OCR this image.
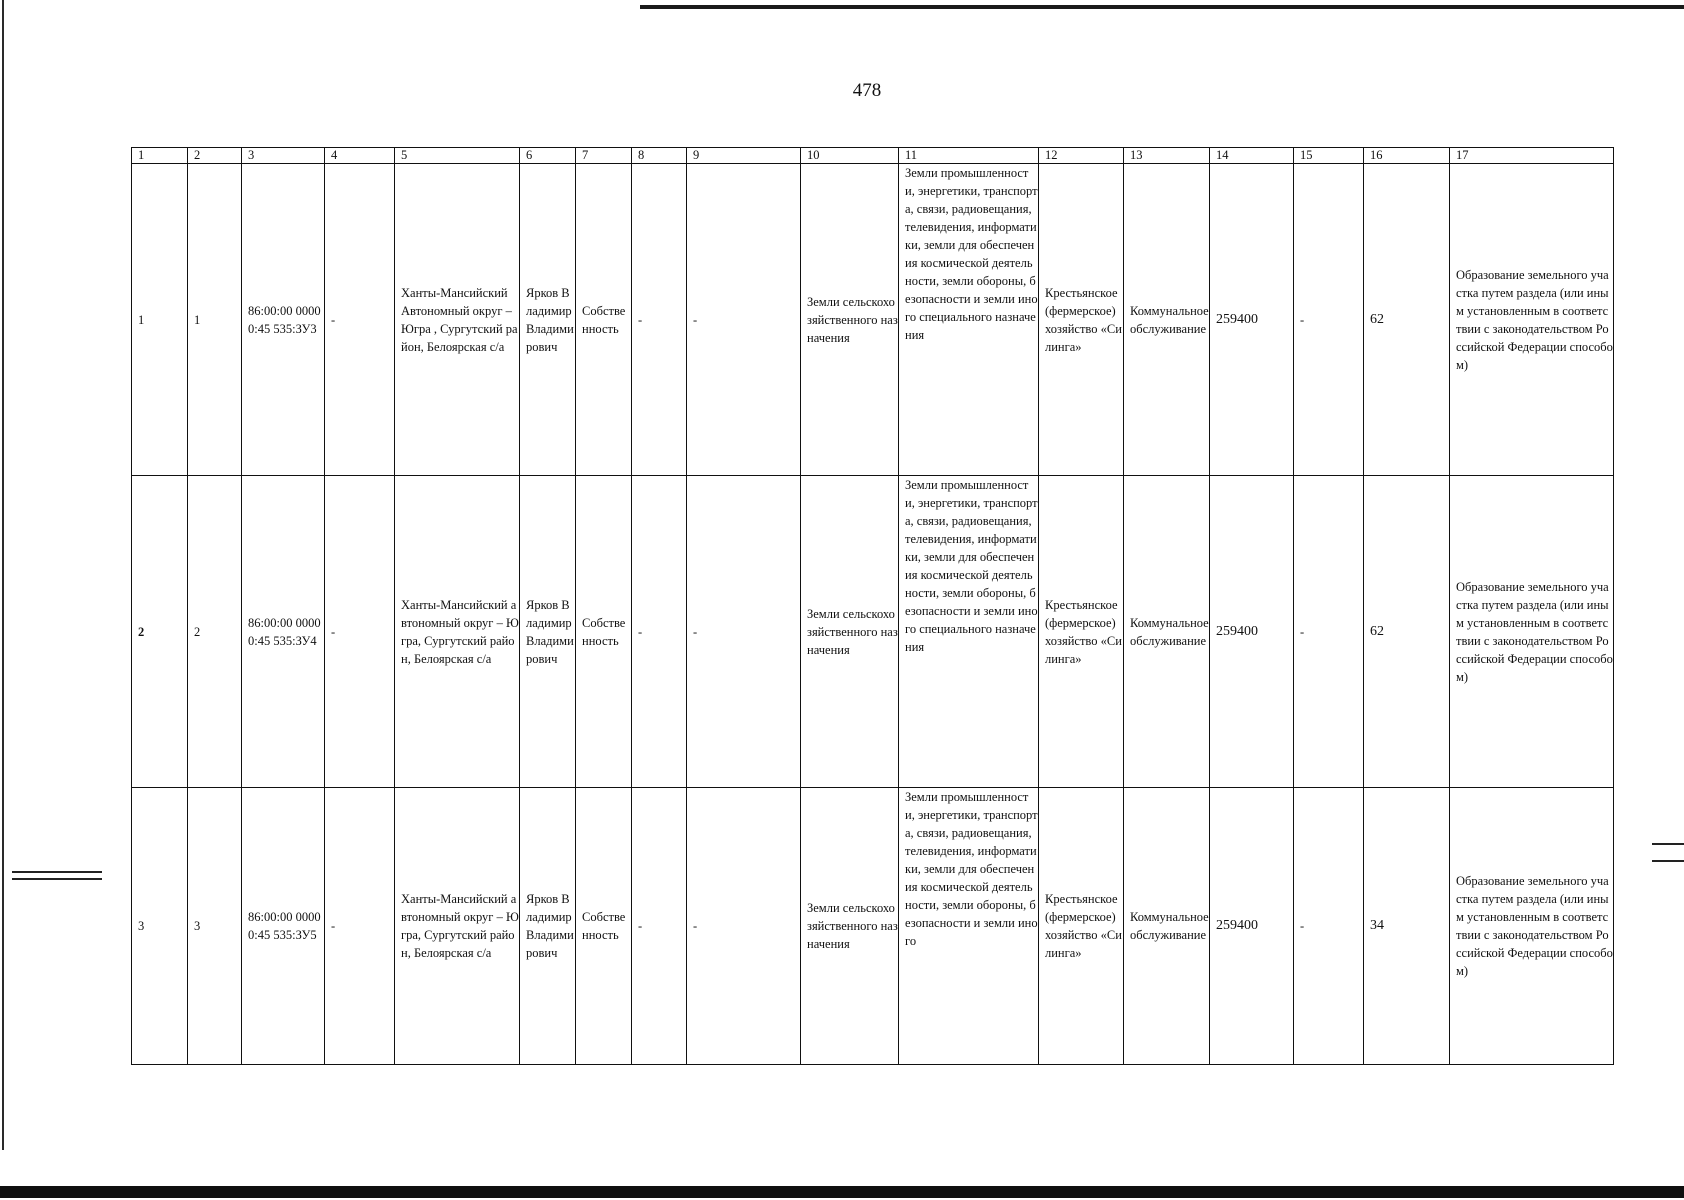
478
1	2	3	4	5	6	7	8	9	10	11	12	13	14	15	16	17
1	1	86:00:00 00000:45 535:ЗУ3	-	Ханты-Мансийский Автономный округ – Югра , Сургутский район, Белоярская с/а	Ярков Владимир Владимирович	Собственность	-	-	Земли сельскохозяйственного назначения	Земли промышленности, энергетики, транспорта, связи, радиовещания, телевидения, информатики, земли для обеспечения космической деятельности, земли обороны, безопасности и земли иного специального назначения	Крестьянское (фермерское) хозяйство «Силинга»	Коммунальное обслуживание	259400	-	62	Образование земельного участка путем раздела (или иным установленным в соответствии с законодательством Российской Федерации способом)
2	2	86:00:00 00000:45 535:ЗУ4	-	Ханты-Мансийский автономный округ – Югра, Сургутский район, Белоярская с/а	Ярков Владимир Владимирович	Собственность	-	-	Земли сельскохозяйственного назначения	Земли промышленности, энергетики, транспорта, связи, радиовещания, телевидения, информатики, земли для обеспечения космической деятельности, земли обороны, безопасности и земли иного специального назначения	Крестьянское (фермерское) хозяйство «Силинга»	Коммунальное обслуживание	259400	-	62	Образование земельного участка путем раздела (или иным установленным в соответствии с законодательством Российской Федерации способом)
3	3	86:00:00 00000:45 535:ЗУ5	-	Ханты-Мансийский автономный округ – Югра, Сургутский район, Белоярская с/а	Ярков Владимир Владимирович	Собственность	-	-	Земли сельскохозяйственного назначения	Земли промышленности, энергетики, транспорта, связи, радиовещания, телевидения, информатики, земли для обеспечения космической деятельности, земли обороны, безопасности и земли иного	Крестьянское (фермерское) хозяйство «Силинга»	Коммунальное обслуживание	259400	-	34	Образование земельного участка путем раздела (или иным установленным в соответствии с законодательством Российской Федерации способом)
